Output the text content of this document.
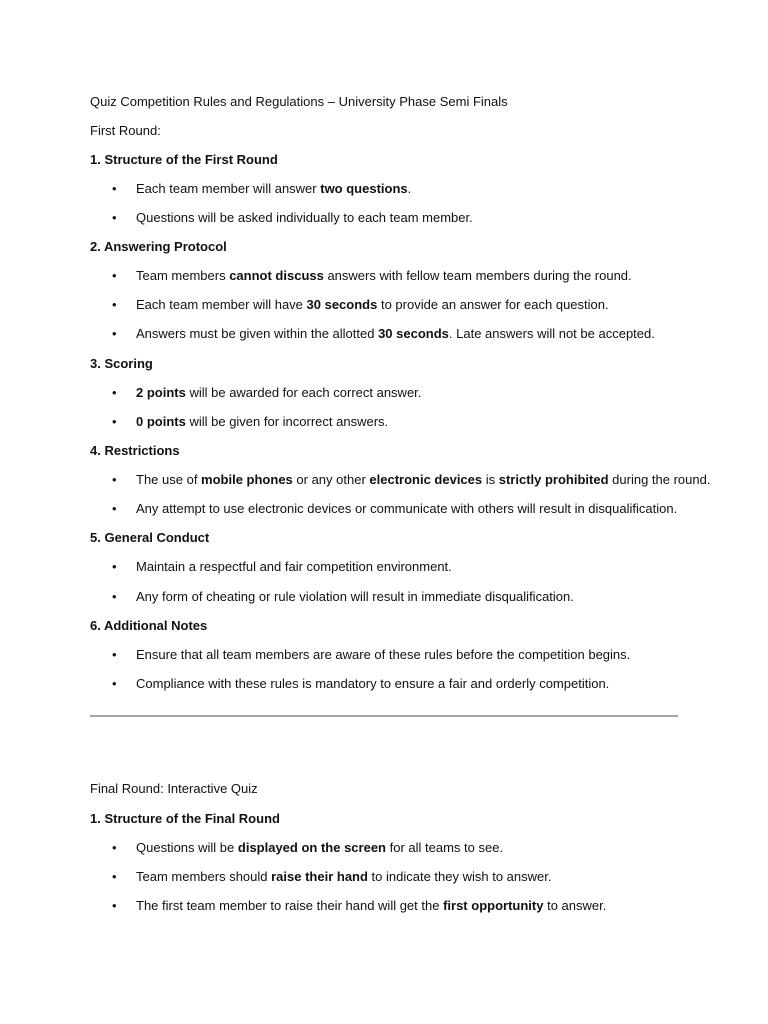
Quiz Competition Rules and Regulations – University Phase Semi Finals
First Round:
1. Structure of the First Round
•	Each team member will answer two questions.
•	Questions will be asked individually to each team member.
2. Answering Protocol
•	Team members cannot discuss answers with fellow team members during the round.
•	Each team member will have 30 seconds to provide an answer for each question.
•	Answers must be given within the allotted 30 seconds. Late answers will not be accepted.
3. Scoring
•	2 points will be awarded for each correct answer.
•	0 points will be given for incorrect answers.
4. Restrictions
•	The use of mobile phones or any other electronic devices is strictly prohibited during the round.
•	Any attempt to use electronic devices or communicate with others will result in disqualification.
5. General Conduct
•	Maintain a respectful and fair competition environment.
•	Any form of cheating or rule violation will result in immediate disqualification.
6. Additional Notes
•	Ensure that all team members are aware of these rules before the competition begins.
•	Compliance with these rules is mandatory to ensure a fair and orderly competition.
Final Round: Interactive Quiz
1. Structure of the Final Round
•	Questions will be displayed on the screen for all teams to see.
•	Team members should raise their hand to indicate they wish to answer.
•	The first team member to raise their hand will get the first opportunity to answer.
